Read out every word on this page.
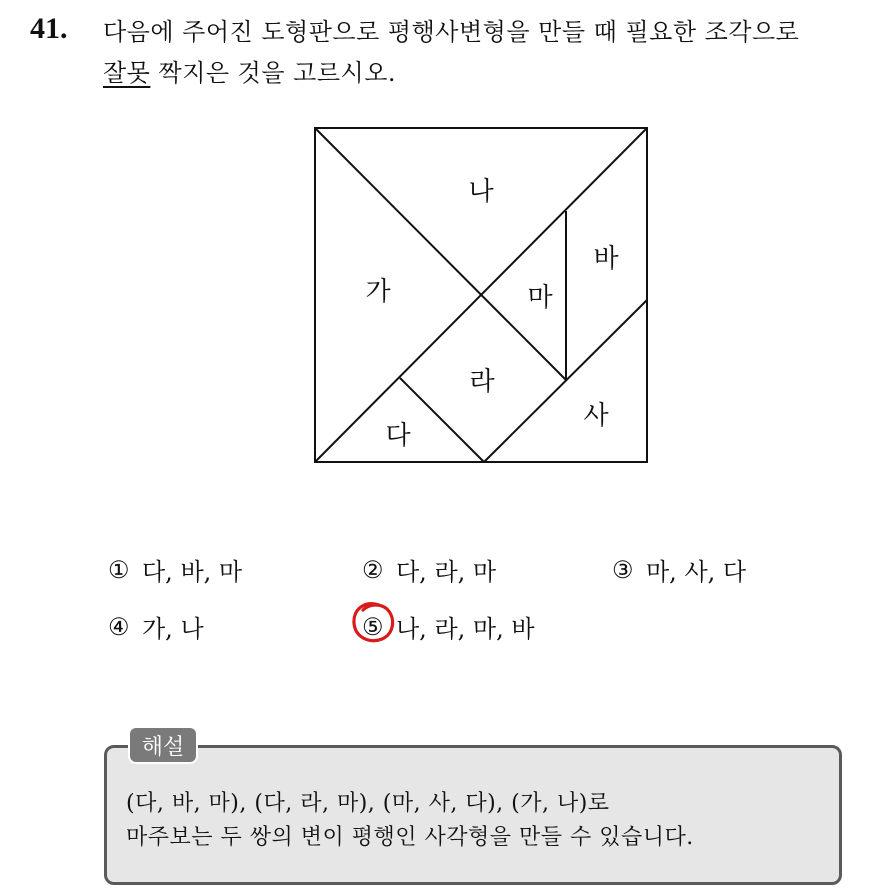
41. 다음에 주어진 도형판으로 평행사변형을 만들 때 필요한 조각으로
잘못 짝지은 것을 고르시오.
나
가
바
마
라
사
다
① 다, 바, 마	② 다, 라, 마	③ 마, 사, 다
④ 가, 나	⑤ 나, 라, 마, 바
해설
(다, 바, 마), (다, 라, 마), (마, 사, 다), (가, 나)로
마주보는 두 쌍의 변이 평행인 사각형을 만들 수 있습니다.
